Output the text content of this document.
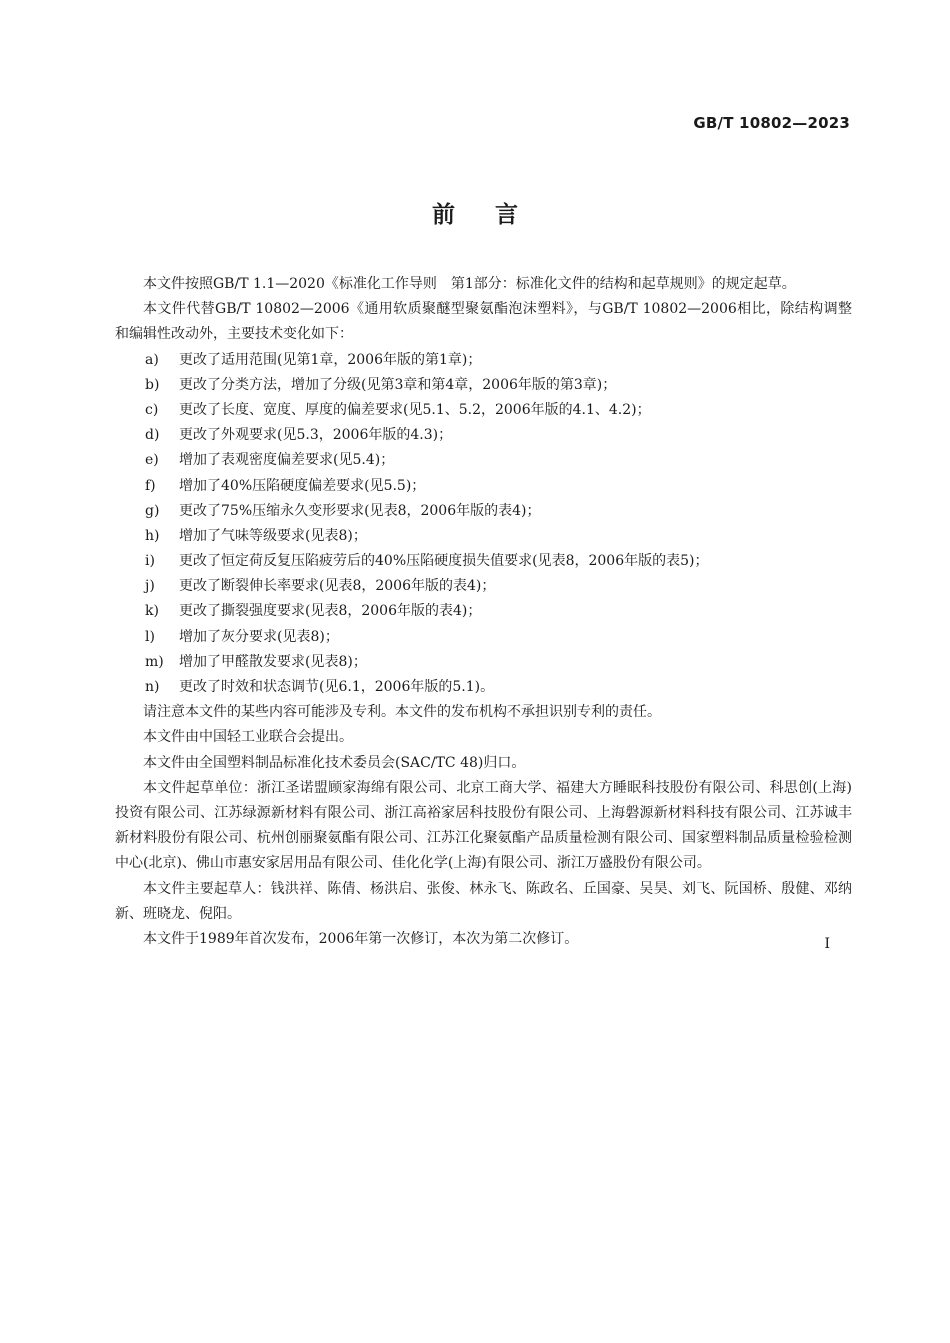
GB/T 10802—2023
前言

本文件按照GB/T 1.1—2020《标准化工作导则　第1部分：标准化文件的结构和起草规则》的规定起草。

本文件代替GB/T 10802—2006《通用软质聚醚型聚氨酯泡沫塑料》，与GB/T 10802—2006相比，除结构调整和编辑性改动外，主要技术变化如下：

a)	更改了适用范围(见第1章，2006年版的第1章)；
b)	更改了分类方法，增加了分级(见第3章和第4章，2006年版的第3章)；
c)	更改了长度、宽度、厚度的偏差要求(见5.1、5.2，2006年版的4.1、4.2)；
d)	更改了外观要求(见5.3，2006年版的4.3)；
e)	增加了表观密度偏差要求(见5.4)；
f)	增加了40%压陷硬度偏差要求(见5.5)；
g)	更改了75%压缩永久变形要求(见表8，2006年版的表4)；
h)	增加了气味等级要求(见表8)；
i)	更改了恒定荷反复压陷疲劳后的40%压陷硬度损失值要求(见表8，2006年版的表5)；
j)	更改了断裂伸长率要求(见表8，2006年版的表4)；
k)	更改了撕裂强度要求(见表8，2006年版的表4)；
l)	增加了灰分要求(见表8)；
m)	增加了甲醛散发要求(见表8)；
n)	更改了时效和状态调节(见6.1，2006年版的5.1)。

请注意本文件的某些内容可能涉及专利。本文件的发布机构不承担识别专利的责任。

本文件由中国轻工业联合会提出。

本文件由全国塑料制品标准化技术委员会(SAC/TC 48)归口。

本文件起草单位：浙江圣诺盟顾家海绵有限公司、北京工商大学、福建大方睡眠科技股份有限公司、科思创(上海)投资有限公司、江苏绿源新材料有限公司、浙江高裕家居科技股份有限公司、上海磐源新材料科技有限公司、江苏诚丰新材料股份有限公司、杭州创丽聚氨酯有限公司、江苏江化聚氨酯产品质量检测有限公司、国家塑料制品质量检验检测中心(北京)、佛山市惠安家居用品有限公司、佳化化学(上海)有限公司、浙江万盛股份有限公司。

本文件主要起草人：钱洪祥、陈倩、杨洪启、张俊、林永飞、陈政名、丘国豪、吴昊、刘飞、阮国桥、殷健、邓纳新、班晓龙、倪阳。

本文件于1989年首次发布，2006年第一次修订，本次为第二次修订。	I
